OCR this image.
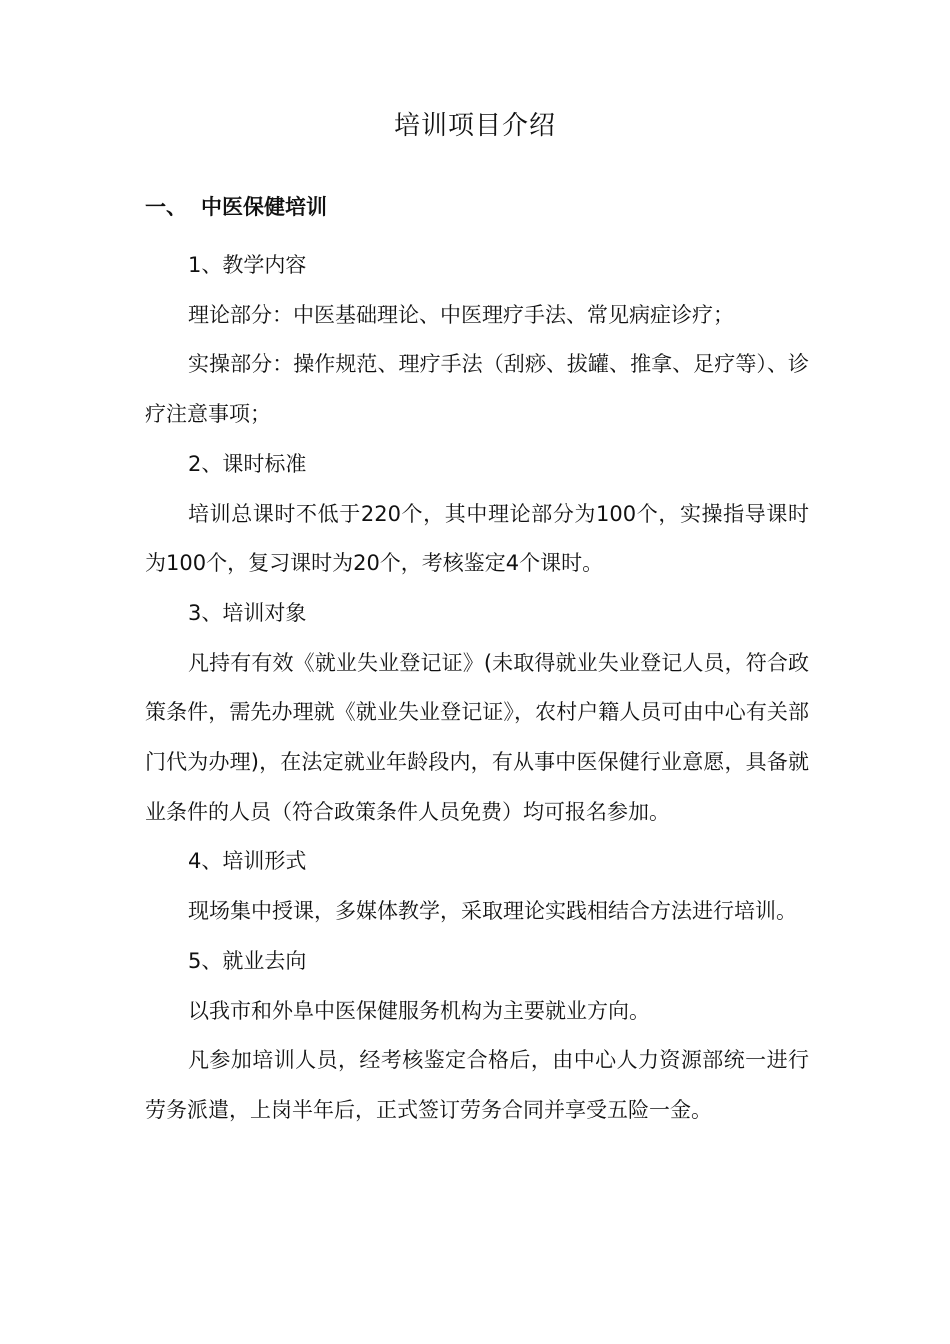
培训项目介绍
一、 中医保健培训

1、教学内容

理论部分：中医基础理论、中医理疗手法、常见病症诊疗；

实操部分：操作规范、理疗手法（刮痧、拔罐、推拿、足疗等）、诊疗注意事项；

2、课时标准

培训总课时不低于220个，其中理论部分为100个，实操指导课时为100个，复习课时为20个，考核鉴定4个课时。

3、培训对象

凡持有有效《就业失业登记证》(未取得就业失业登记人员，符合政策条件，需先办理就《就业失业登记证》，农村户籍人员可由中心有关部门代为办理)，在法定就业年龄段内，有从事中医保健行业意愿，具备就业条件的人员（符合政策条件人员免费）均可报名参加。

4、培训形式

现场集中授课，多媒体教学，采取理论实践相结合方法进行培训。

5、就业去向

以我市和外阜中医保健服务机构为主要就业方向。

凡参加培训人员，经考核鉴定合格后，由中心人力资源部统一进行劳务派遣，上岗半年后，正式签订劳务合同并享受五险一金。
